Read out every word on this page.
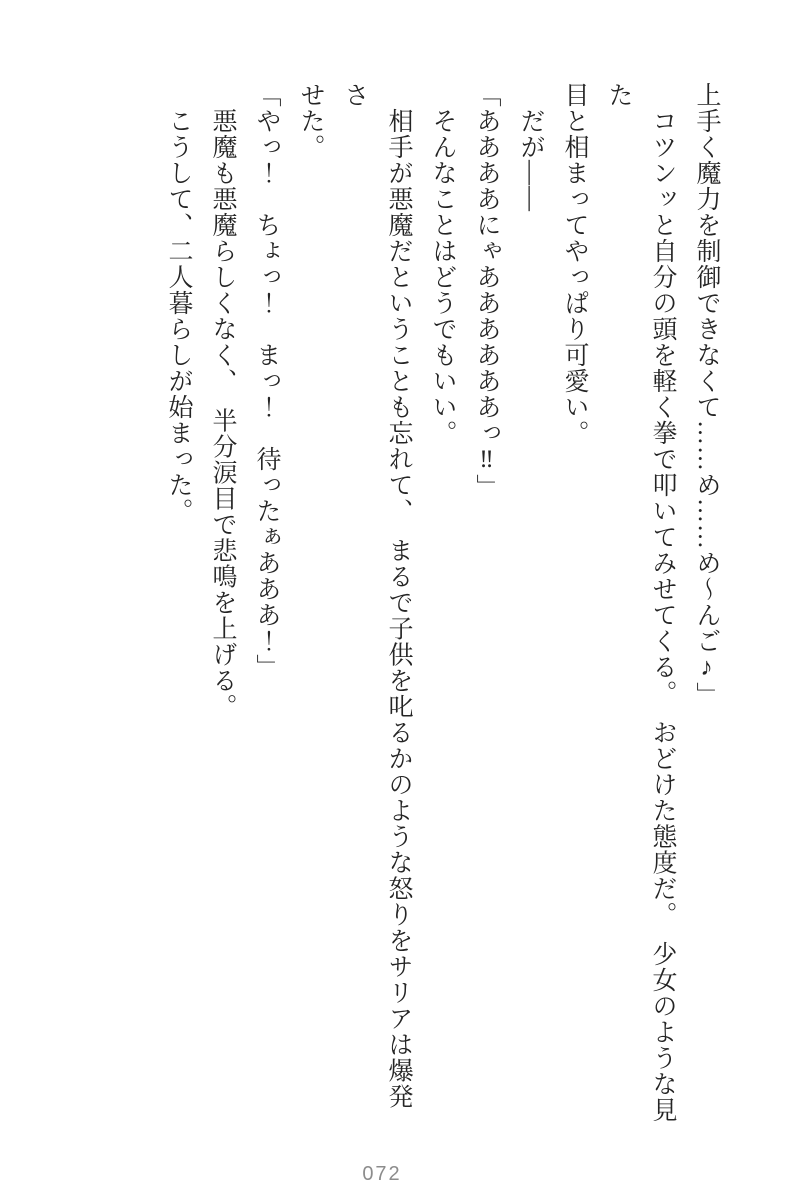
上手く魔力を制御できなくて……め……め～んご♪」

　コツンッと自分の頭を軽く拳で叩いてみせてくる。　おどけた態度だ。　少女のような見た

目と相まってやっぱり可愛い。

　だが――

「ああああにゃああああああっ‼」

　そんなことはどうでもいい。

　相手が悪魔だということも忘れて、　まるで子供を叱るかのような怒りをサリアは爆発さ

せた。

「やっ！　ちょっ！　まっ！　待ったぁあああ！」

　悪魔も悪魔らしくなく、　半分涙目で悲鳴を上げる。

　こうして、二人暮らしが始まった。

072
